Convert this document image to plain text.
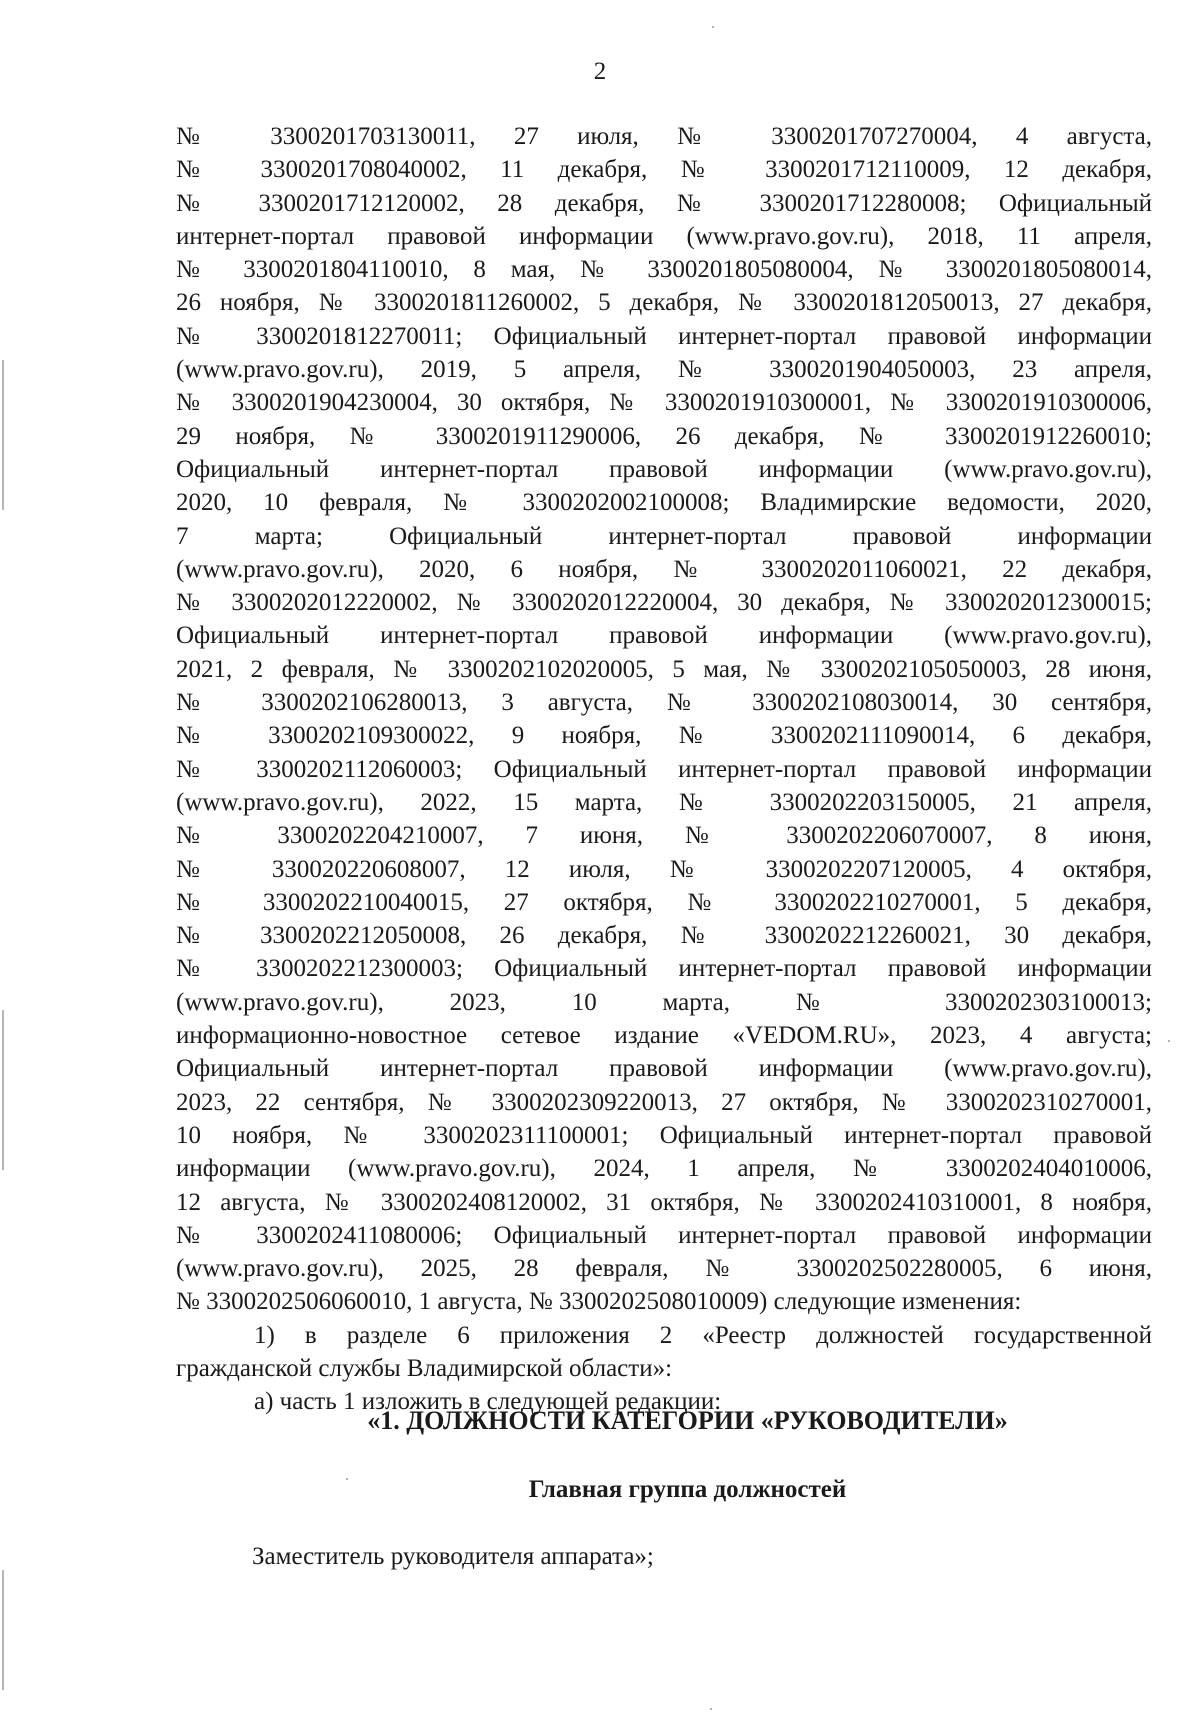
2
№ 3300201703130011, 27 июля, № 3300201707270004, 4 августа,
№ 3300201708040002, 11 декабря, № 3300201712110009, 12 декабря,
№ 3300201712120002, 28 декабря, № 3300201712280008; Официальный
интернет-портал правовой информации (www.pravo.gov.ru), 2018, 11 апреля,
№ 3300201804110010, 8 мая, № 3300201805080004, № 3300201805080014,
26 ноября, № 3300201811260002, 5 декабря, № 3300201812050013, 27 декабря,
№ 3300201812270011; Официальный интернет-портал правовой информации
(www.pravo.gov.ru), 2019, 5 апреля, № 3300201904050003, 23 апреля,
№ 3300201904230004, 30 октября, № 3300201910300001, № 3300201910300006,
29 ноября, № 3300201911290006, 26 декабря, № 3300201912260010;
Официальный интернет-портал правовой информации (www.pravo.gov.ru),
2020, 10 февраля, № 3300202002100008; Владимирские ведомости, 2020,
7 марта; Официальный интернет-портал правовой информации
(www.pravo.gov.ru), 2020, 6 ноября, № 3300202011060021, 22 декабря,
№ 3300202012220002, № 3300202012220004, 30 декабря, № 3300202012300015;
Официальный интернет-портал правовой информации (www.pravo.gov.ru),
2021, 2 февраля, № 3300202102020005, 5 мая, № 3300202105050003, 28 июня,
№ 3300202106280013, 3 августа, № 3300202108030014, 30 сентября,
№ 3300202109300022, 9 ноября, № 3300202111090014, 6 декабря,
№ 3300202112060003; Официальный интернет-портал правовой информации
(www.pravo.gov.ru), 2022, 15 марта, № 3300202203150005, 21 апреля,
№ 3300202204210007, 7 июня, № 3300202206070007, 8 июня,
№ 330020220608007, 12 июля, № 3300202207120005, 4 октября,
№ 3300202210040015, 27 октября, № 3300202210270001, 5 декабря,
№ 3300202212050008, 26 декабря, № 3300202212260021, 30 декабря,
№ 3300202212300003; Официальный интернет-портал правовой информации
(www.pravo.gov.ru), 2023, 10 марта, № 3300202303100013;
информационно-новостное сетевое издание «VEDOM.RU», 2023, 4 августа;
Официальный интернет-портал правовой информации (www.pravo.gov.ru),
2023, 22 сентября, № 3300202309220013, 27 октября, № 3300202310270001,
10 ноября, № 3300202311100001; Официальный интернет-портал правовой
информации (www.pravo.gov.ru), 2024, 1 апреля, № 3300202404010006,
12 августа, № 3300202408120002, 31 октября, № 3300202410310001, 8 ноября,
№ 3300202411080006; Официальный интернет-портал правовой информации
(www.pravo.gov.ru), 2025, 28 февраля, № 3300202502280005, 6 июня,
№ 3300202506060010, 1 августа, № 3300202508010009) следующие изменения:
1) в разделе 6 приложения 2 «Реестр должностей государственной
гражданской службы Владимирской области»:
а) часть 1 изложить в следующей редакции:
«1. ДОЛЖНОСТИ КАТЕГОРИИ «РУКОВОДИТЕЛИ»
Главная группа должностей
Заместитель руководителя аппарата»;
